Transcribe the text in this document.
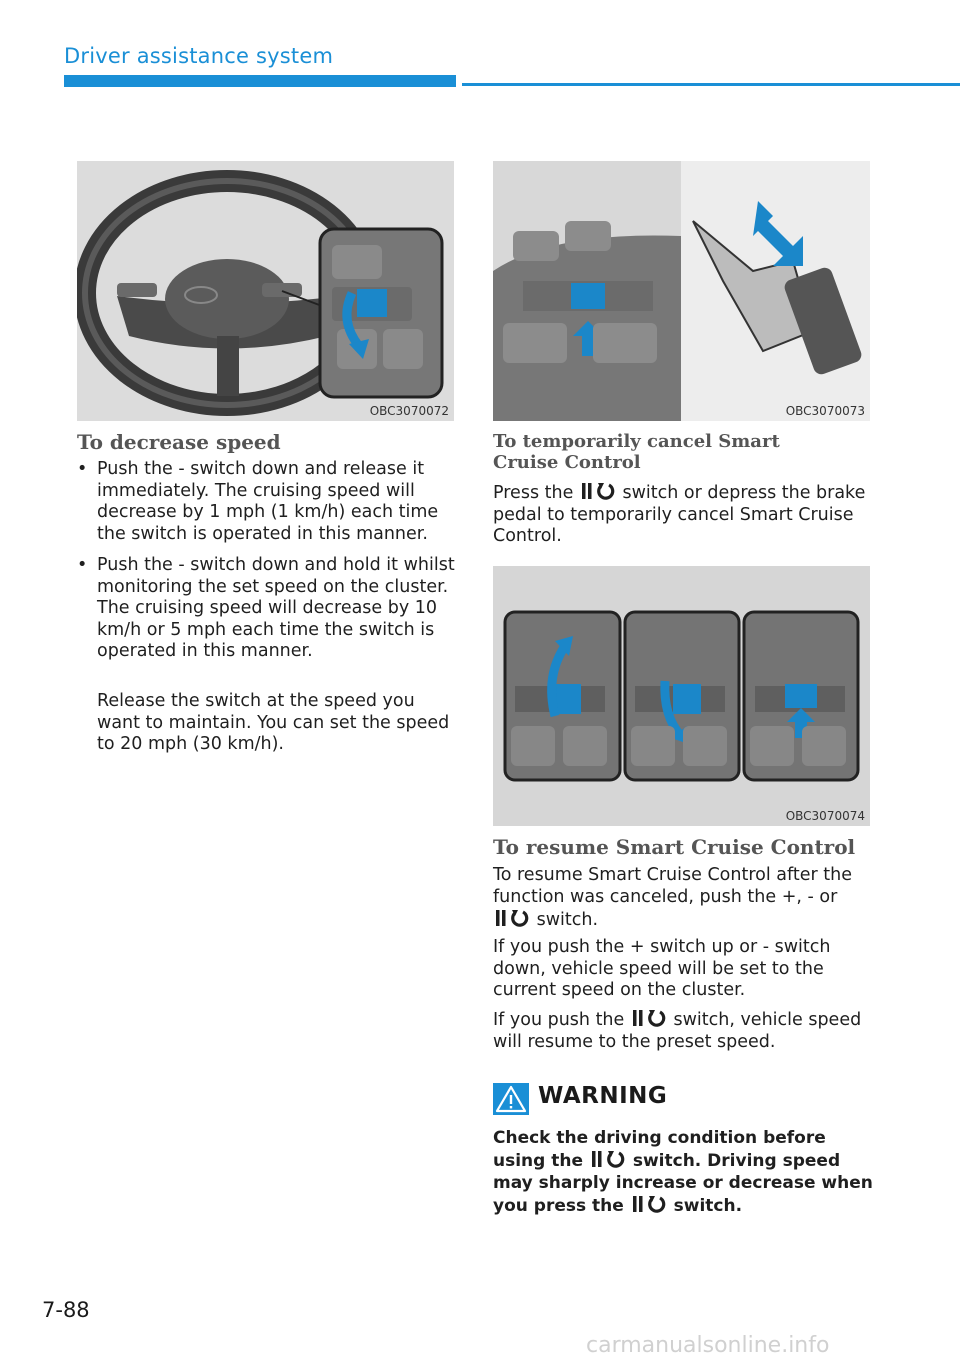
Driver assistance system
OBC3070072	OBC3070073
To decrease speed
• Push the - switch down and release it immediately. The cruising speed will decrease by 1 mph (1 km/h) each time the switch is operated in this manner.
• Push the - switch down and hold it whilst monitoring the set speed on the cluster. The cruising speed will decrease by 10 km/h or 5 mph each time the switch is operated in this manner.
Release the switch at the speed you want to maintain. You can set the speed to 20 mph (30 km/h).
To temporarily cancel Smart Cruise Control
Press the	switch or depress the brake pedal to temporarily cancel Smart Cruise Control.
OBC3070074
To resume Smart Cruise Control
To resume Smart Cruise Control after the function was canceled, push the +, - or  switch.
If you push the + switch up or - switch down, vehicle speed will be set to the current speed on the cluster.
If you push the	switch, vehicle speed will resume to the preset speed.
WARNING
Check the driving condition before using the	switch. Driving speed may sharply increase or decrease when you press the	switch.
7-88
carmanualsonline.info
